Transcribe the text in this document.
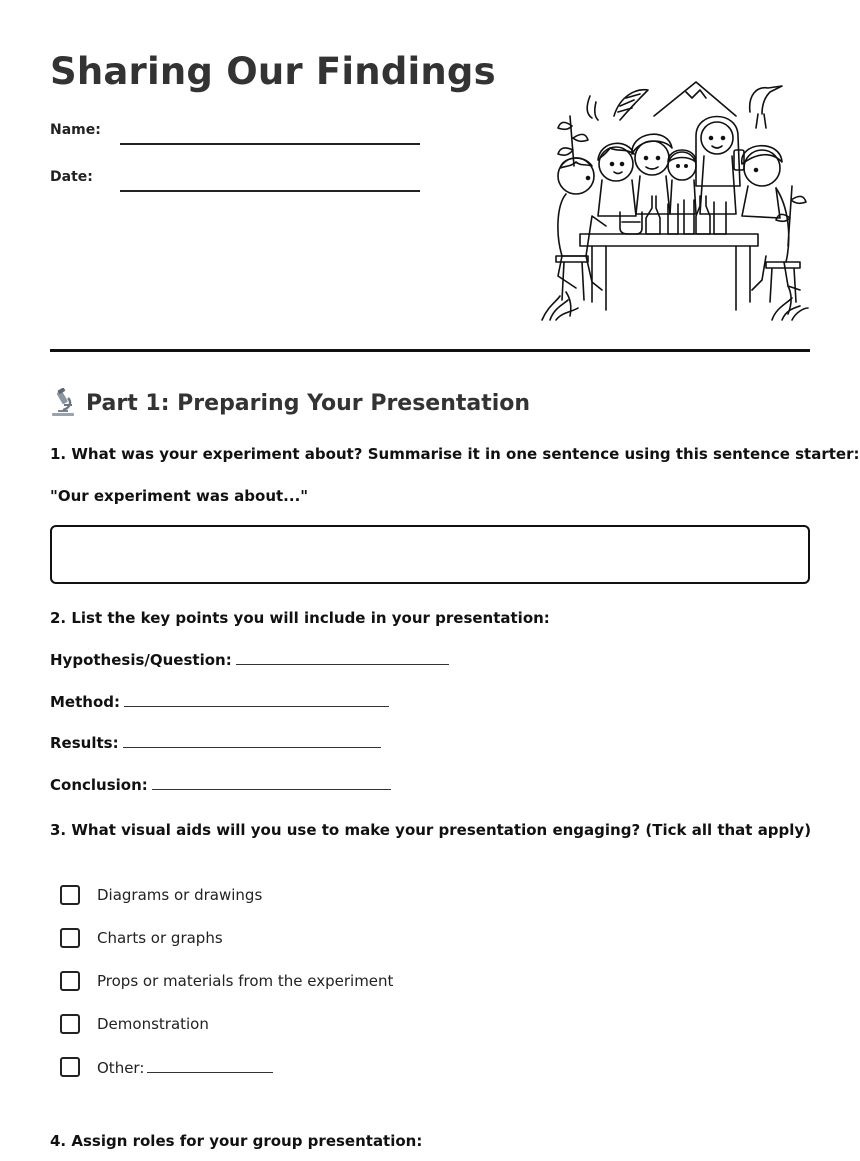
Sharing Our Findings
Name:
Date:
Part 1: Preparing Your Presentation

1. What was your experiment about? Summarise it in one sentence using this sentence starter:

"Our experiment was about..."

2. List the key points you will include in your presentation:

Hypothesis/Question:
Method:
Results:
Conclusion:

3. What visual aids will you use to make your presentation engaging? (Tick all that apply)

Diagrams or drawings
Charts or graphs
Props or materials from the experiment
Demonstration
Other:

4. Assign roles for your group presentation:
